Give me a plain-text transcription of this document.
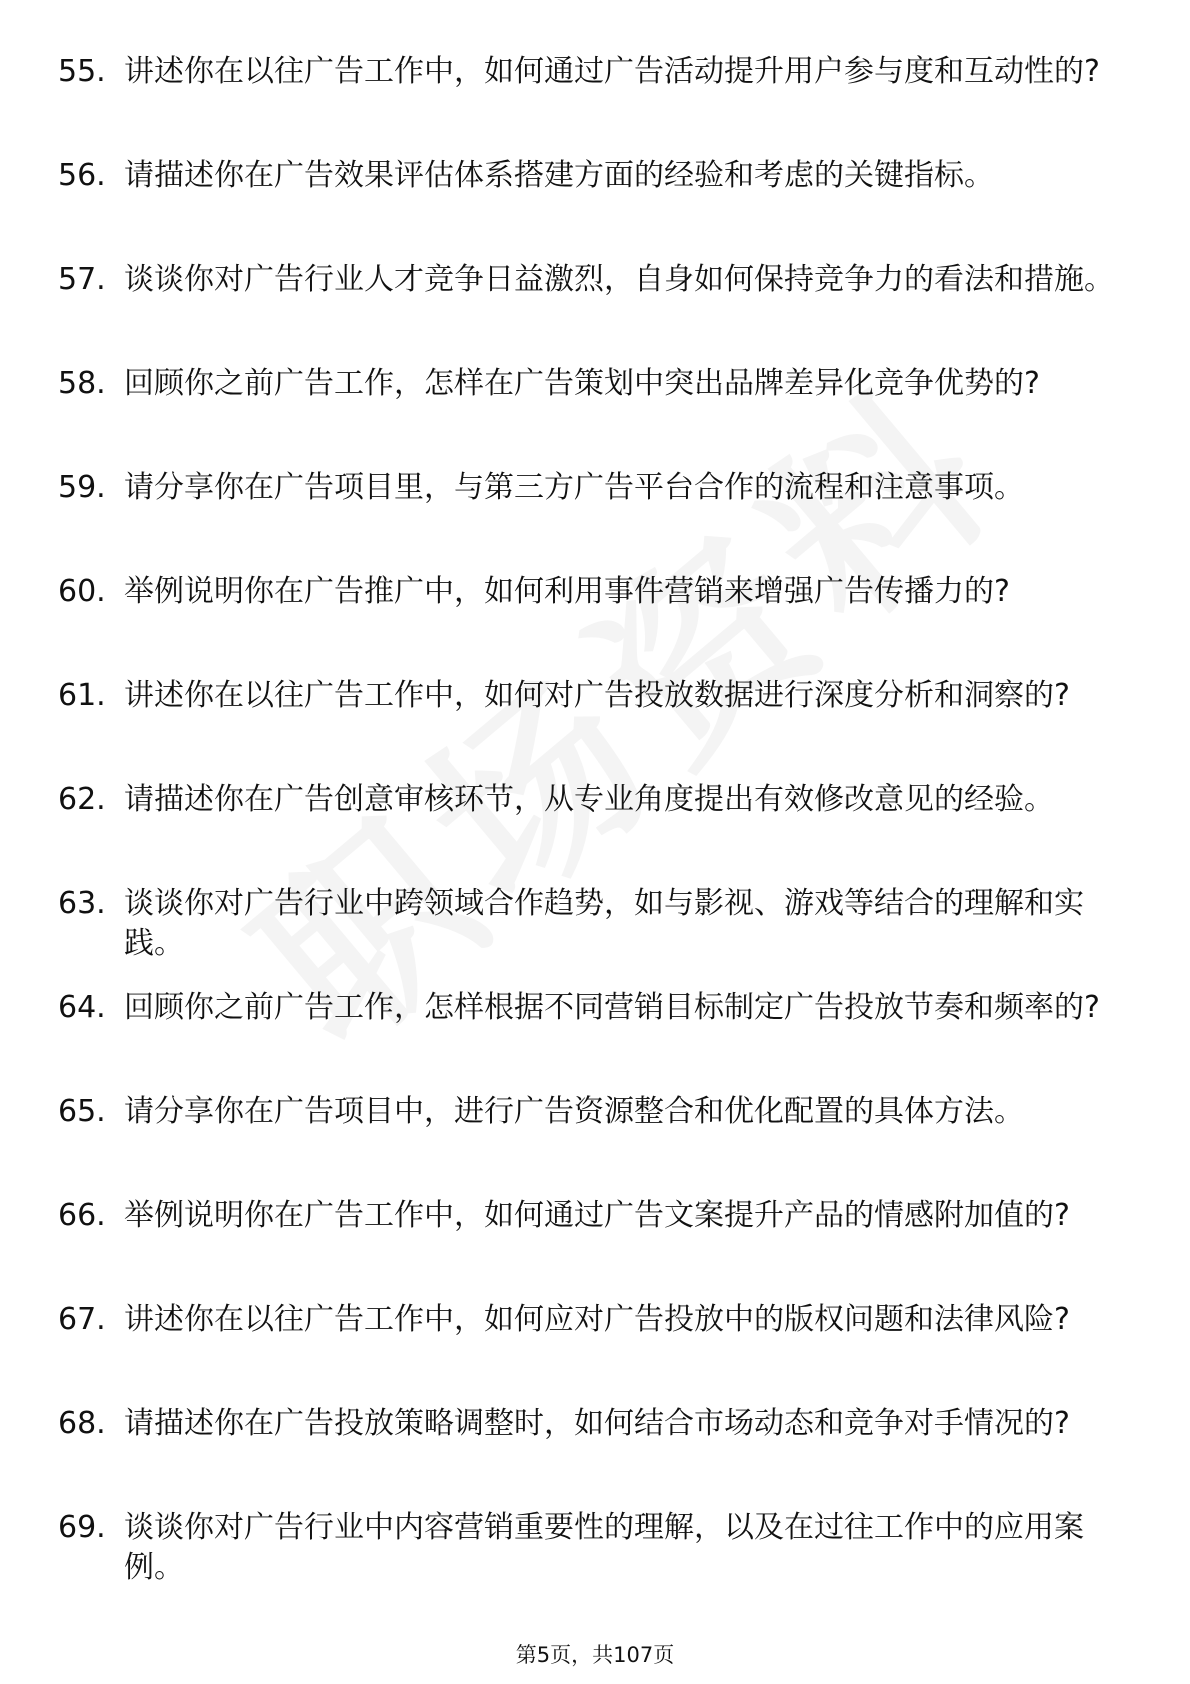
55. 讲述你在以往广告工作中，如何通过广告活动提升用户参与度和互动性的?
56. 请描述你在广告效果评估体系搭建方面的经验和考虑的关键指标。
57. 谈谈你对广告行业人才竞争日益激烈，自身如何保持竞争力的看法和措施。
58. 回顾你之前广告工作，怎样在广告策划中突出品牌差异化竞争优势的?
59. 请分享你在广告项目里，与第三方广告平台合作的流程和注意事项。
60. 举例说明你在广告推广中，如何利用事件营销来增强广告传播力的?
61. 讲述你在以往广告工作中，如何对广告投放数据进行深度分析和洞察的?
62. 请描述你在广告创意审核环节，从专业角度提出有效修改意见的经验。
63. 谈谈你对广告行业中跨领域合作趋势，如与影视、游戏等结合的理解和实践。
64. 回顾你之前广告工作，怎样根据不同营销目标制定广告投放节奏和频率的?
65. 请分享你在广告项目中，进行广告资源整合和优化配置的具体方法。
66. 举例说明你在广告工作中，如何通过广告文案提升产品的情感附加值的?
67. 讲述你在以往广告工作中，如何应对广告投放中的版权问题和法律风险?
68. 请描述你在广告投放策略调整时，如何结合市场动态和竞争对手情况的?
69. 谈谈你对广告行业中内容营销重要性的理解，以及在过往工作中的应用案例。
第5页，共107页
